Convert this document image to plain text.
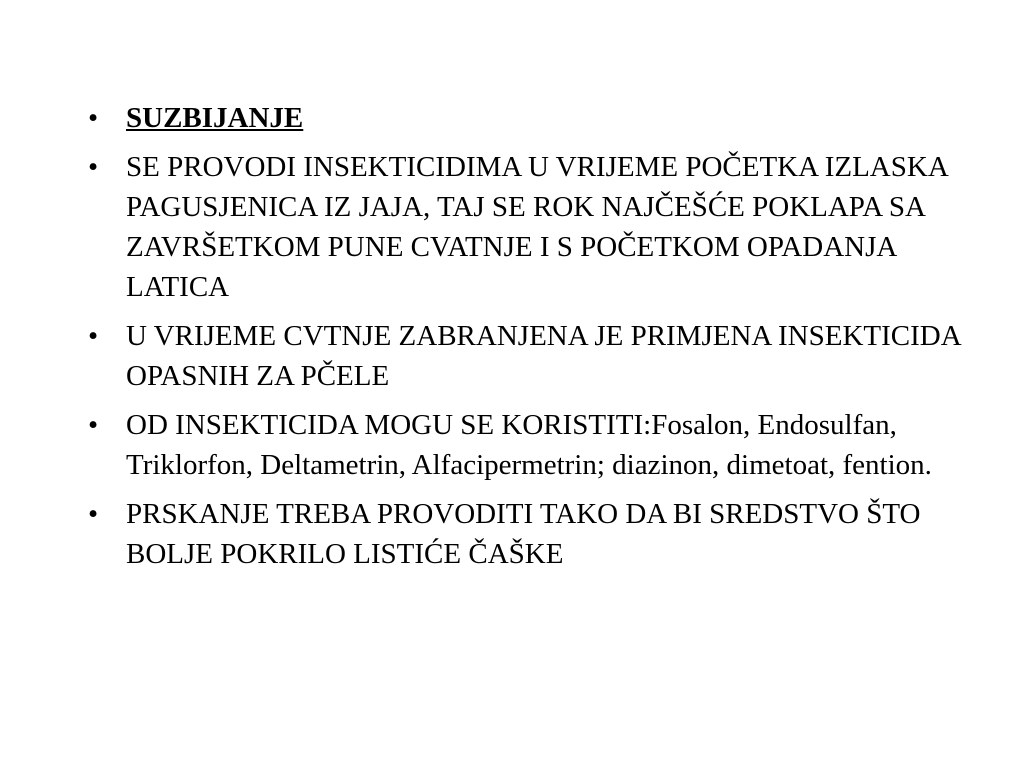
• SUZBIJANJE
• SE PROVODI INSEKTICIDIMA U VRIJEME POČETKA IZLASKA PAGUSJENICA IZ JAJA, TAJ SE ROK NAJČEŠĆE POKLAPA SA ZAVRŠETKOM PUNE CVATNJE I S POČETKOM OPADANJA LATICA
• U VRIJEME CVTNJE ZABRANJENA JE PRIMJENA INSEKTICIDA OPASNIH ZA PČELE
• OD INSEKTICIDA MOGU SE KORISTITI:Fosalon, Endosulfan, Triklorfon, Deltametrin, Alfacipermetrin; diazinon, dimetoat, fention.
• PRSKANJE TREBA PROVODITI TAKO DA BI SREDSTVO ŠTO BOLJE POKRILO LISTIĆE ČAŠKE
